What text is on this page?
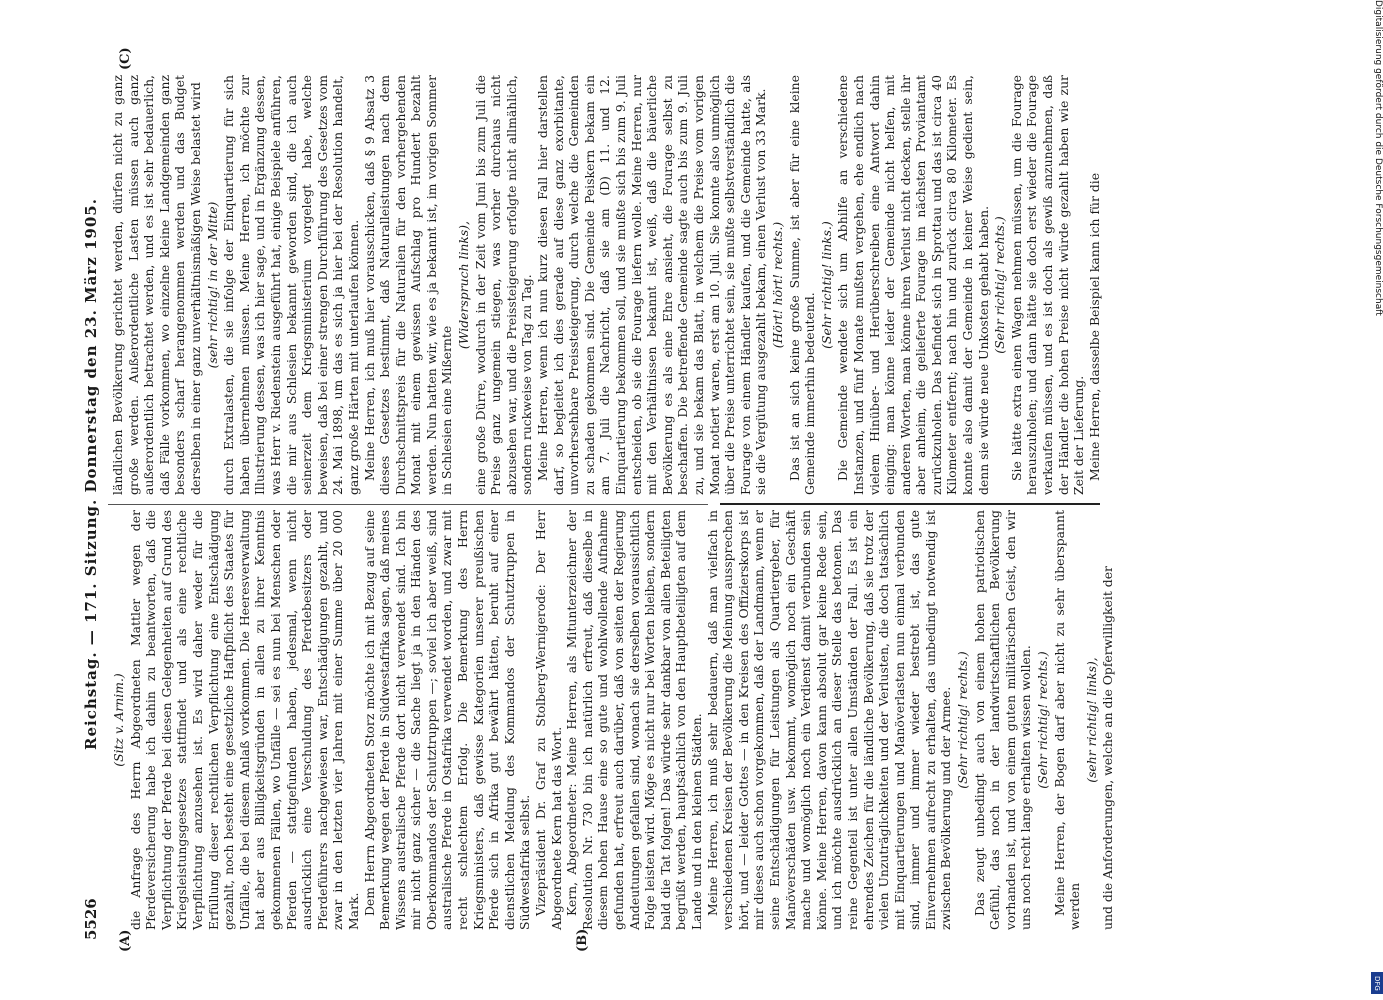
5526
Reichstag. — 171. Sitzung. Donnerstag den 23. März 1905.
(A)	(B)
(C)

(Sitz v. Arnim.) die Anfrage des Herrn Abgeordneten Mattler wegen der Pferdeversicherung habe ich dahin zu beantworten, daß die Verpflichtung der Pferde bei diesen Gelegenheiten auf Grund des Kriegsleistungsgesetzes stattfindet und als eine rechtliche Verpflichtung anzusehen ist. Es wird daher weder für die Erfüllung dieser rechtlichen Verpflichtung eine Entschädigung gezahlt, noch besteht eine gesetzliche Haftpflicht des Staates für Unfälle, die bei diesem Anlaß vorkommen. Die Heeresverwaltung hat aber aus Billigkeitsgründen in allen zu ihrer Kenntnis gekommenen Fällen, wo Unfälle — sei es nun bei Menschen oder Pferden — stattgefunden haben, jedesmal, wenn nicht ausdrücklich eine Verschuldung des Pferdebesitzers oder Pferdeführers nachgewiesen war, Entschädigungen gezahlt, und zwar in den letzten vier Jahren mit einer Summe über 20 000 Mark. Dem Herrn Abgeordneten Storz möchte ich mit Bezug auf seine Bemerkung wegen der Pferde in Südwestafrika sagen, daß meines Wissens australische Pferde dort nicht verwendet sind. Ich bin mir nicht ganz sicher — die Sache liegt ja in den Händen des Oberkommandos der Schutztruppen —; soviel ich aber weiß, sind australische Pferde in Ostafrika verwendet worden, und zwar mit recht schlechtem Erfolg. Die Bemerkung des Herrn Kriegsministers, daß gewisse Kategorien unserer preußischen Pferde sich in Afrika gut bewährt hätten, beruht auf einer dienstlichen Meldung des Kommandos der Schutztruppen in Südwestafrika selbst. Vizepräsident Dr. Graf zu Stolberg-Wernigerode: Der Herr Abgeordnete Kern hat das Wort. Kern, Abgeordneter: Meine Herren, als Mitunterzeichner der Resolution Nr. 730 bin ich natürlich erfreut, daß dieselbe in diesem hohen Hause eine so gute und wohlwollende Aufnahme gefunden hat, erfreut auch darüber, daß von seiten der Regierung Andeutungen gefallen sind, wonach sie derselben voraussichtlich Folge leisten wird. Möge es nicht nur bei Worten bleiben, sondern bald die Tat folgen! Das würde sehr dankbar von allen Beteiligten begrüßt werden, hauptsächlich von den Hauptbeteiligten auf dem Lande und in den kleinen Städten. Meine Herren, ich muß sehr bedauern, daß man vielfach in verschiedenen Kreisen der Bevölkerung die Meinung aussprechen hört, und — leider Gottes — in den Kreisen des Offizierskorps ist mir dieses auch schon vorgekommen, daß der Landmann, wenn er seine Entschädigungen für Leistungen als Quartiergeber, für Manöverschäden usw. bekommt, womöglich noch ein Geschäft mache und womöglich noch ein Verdienst damit verbunden sein könne. Meine Herren, davon kann absolut gar keine Rede sein, und ich möchte ausdrücklich an dieser Stelle das betonen. Das reine Gegenteil ist unter allen Umständen der Fall. Es ist ein ehrendes Zeichen für die ländliche Bevölkerung, daß sie trotz der vielen Unzuträglichkeiten und der Verlusten, die doch tatsächlich mit Einquartierungen und Manöverlasten nun einmal verbunden sind, immer und immer wieder bestrebt ist, das gute Einvernehmen aufrecht zu erhalten, das unbedingt notwendig ist zwischen Bevölkerung und der Armee. (Sehr richtig! rechts.) Das zeugt unbedingt auch von einem hohen patriotischen Gefühl, das noch in der landwirtschaftlichen Bevölkerung vorhanden ist, und von einem guten militärischen Geist, den wir uns noch recht lange erhalten wissen wollen. (Sehr richtig! rechts.) Meine Herren, der Bogen darf aber nicht zu sehr überspannt werden

(sehr richtig! links), und die Anforderungen, welche an die Opferwilligkeit der

ländlichen Bevölkerung gerichtet werden, dürfen nicht zu ganz große werden. Außerordentliche Lasten müssen auch ganz außerordentlich betrachtet werden, und es ist sehr bedauerlich, daß Fälle vorkommen, wo einzelne kleine Landgemeinden ganz besonders scharf herangenommen werden und das Budget derselben in einer ganz unverhältnismäßigen Weise belastet wird (sehr richtig! in der Mitte) durch Extralasten, die sie infolge der Einquartierung für sich haben übernehmen müssen. Meine Herren, ich möchte zur Illustrierung dessen, was ich hier sage, und in Ergänzung dessen, was Herr v. Riedenstein ausgeführt hat, einige Beispiele anführen, die mir aus Schlesien bekannt geworden sind, die ich auch seinerzeit dem Kriegsministerium vorgelegt habe, welche beweisen, daß bei einer strengen Durchführung des Gesetzes vom 24. Mai 1898, um das es sich ja hier bei der Resolution handelt, ganz große Härten mit unterlaufen können. Meine Herren, ich muß hier vorausschicken, daß § 9 Absatz 3 dieses Gesetzes bestimmt, daß Naturalleistungen nach dem Durchschnittspreis für die Naturalien für den vorhergehenden Monat mit einem gewissen Aufschlag pro Hundert bezahlt werden. Nun hatten wir, wie es ja bekannt ist, im vorigen Sommer in Schlesien eine Mißernte

(Widerspruch links), eine große Dürre, wodurch in der Zeit vom Juni bis zum Juli die Preise ganz ungemein stiegen, was vorher durchaus nicht abzusehen war, und die Preissteigerung erfolgte nicht allmählich, sondern ruckweise von Tag zu Tag. Meine Herren, wenn ich nun kurz diesen Fall hier darstellen darf, so begleitet ich dies gerade auf diese ganz exorbitante, unvorhersehbare Preissteigerung, durch welche die Gemeinden zu schaden gekommen sind. Die Gemeinde Peiskern bekam ein am 7. Juli die Nachricht, daß sie am (D) 11. und 12. Einquartierung bekommen soll, und sie mußte sich bis zum 9. Juli entscheiden, ob sie die Fourage liefern wolle. Meine Herren, nur mit den Verhältnissen bekannt ist, weiß, daß die bäuerliche Bevölkerung es als eine Ehre ansieht, die Fourage selbst zu beschaffen. Die betreffende Gemeinde sagte auch bis zum 9. Juli zu, und sie bekam das Blatt, in welchem die Preise vom vorigen Monat notiert waren, erst am 10. Juli. Sie konnte also unmöglich über die Preise unterrichtet sein, sie mußte selbstverständlich die Fourage von einem Händler kaufen, und die Gemeinde hatte, als sie die Vergütung ausgezahlt bekam, einen Verlust von 33 Mark. (Hört! hört! rechts.) Das ist an sich keine große Summe, ist aber für eine kleine Gemeinde immerhin bedeutend.

(Sehr richtig! links.) Die Gemeinde wendete sich um Abhilfe an verschiedene Instanzen, und fünf Monate mußten vergehen, ehe endlich nach vielem Hinüber- und Herüberschreiben eine Antwort dahin einging: man könne leider der Gemeinde nicht helfen, mit anderen Worten, man könne ihren Verlust nicht decken, stelle ihr aber anheim, die gelieferte Fourage im nächsten Proviantamt zurückzuholen. Das befindet sich in Sprottau und das ist circa 40 Kilometer entfernt; nach hin und zurück circa 80 Kilometer. Es konnte also damit der Gemeinde in keiner Weise gedient sein, denn sie würde neue Unkosten gehabt haben. (Sehr richtig! rechts.) Sie hätte extra einen Wagen nehmen müssen, um die Fourage herauszuholen; und dann hätte sie doch erst wieder die Fourage verkaufen müssen, und es ist doch als gewiß anzunehmen, daß der Händler die hohen Preise nicht würde gezahlt haben wie zur Zeit der Lieferung. Meine Herren, dasselbe Beispiel kann ich für die

Digitalisierung gefördert durch die Deutsche Forschungsgemeinschaft
DFG
